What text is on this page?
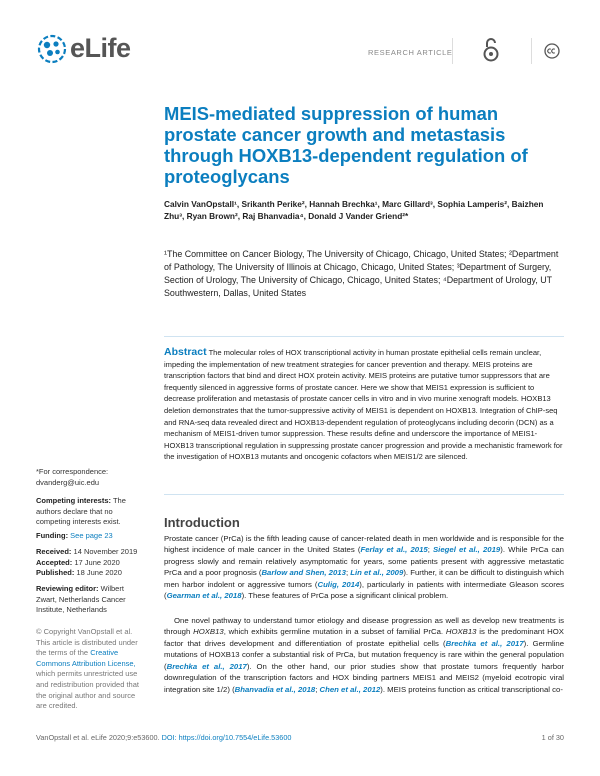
eLife	RESEARCH ARTICLE
MEIS-mediated suppression of human prostate cancer growth and metastasis through HOXB13-dependent regulation of proteoglycans
Calvin VanOpstall¹, Srikanth Perike², Hannah Brechka¹, Marc Gillard³, Sophia Lamperis², Baizhen Zhu³, Ryan Brown², Raj Bhanvadia⁴, Donald J Vander Griend²*
¹The Committee on Cancer Biology, The University of Chicago, Chicago, United States; ²Department of Pathology, The University of Illinois at Chicago, Chicago, United States; ³Department of Surgery, Section of Urology, The University of Chicago, Chicago, United States; ⁴Department of Urology, UT Southwestern, Dallas, United States
Abstract The molecular roles of HOX transcriptional activity in human prostate epithelial cells remain unclear, impeding the implementation of new treatment strategies for cancer prevention and therapy. MEIS proteins are transcription factors that bind and direct HOX protein activity. MEIS proteins are putative tumor suppressors that are frequently silenced in aggressive forms of prostate cancer. Here we show that MEIS1 expression is sufficient to decrease proliferation and metastasis of prostate cancer cells in vitro and in vivo murine xenograft models. HOXB13 deletion demonstrates that the tumor-suppressive activity of MEIS1 is dependent on HOXB13. Integration of ChIP-seq and RNA-seq data revealed direct and HOXB13-dependent regulation of proteoglycans including decorin (DCN) as a mechanism of MEIS1-driven tumor suppression. These results define and underscore the importance of MEIS1-HOXB13 transcriptional regulation in suppressing prostate cancer progression and provide a mechanistic framework for the investigation of HOXB13 mutants and oncogenic cofactors when MEIS1/2 are silenced.
*For correspondence:
dvanderg@uic.edu
Competing interests: The authors declare that no competing interests exist.
Funding: See page 23
Received: 14 November 2019
Accepted: 17 June 2020
Published: 18 June 2020
Reviewing editor: Wilbert Zwart, Netherlands Cancer Institute, Netherlands
© Copyright VanOpstall et al. This article is distributed under the terms of the Creative Commons Attribution License, which permits unrestricted use and redistribution provided that the original author and source are credited.
Introduction

Prostate cancer (PrCa) is the fifth leading cause of cancer-related death in men worldwide and is responsible for the highest incidence of male cancer in the United States (Ferlay et al., 2015; Siegel et al., 2019). While PrCa can progress slowly and remain relatively asymptomatic for years, some patients present with aggressive metastatic PrCa and a poor prognosis (Barlow and Shen, 2013; Lin et al., 2009). Further, it can be difficult to distinguish which men harbor indolent or aggressive tumors (Culig, 2014), particularly in patients with intermediate Gleason scores (Gearman et al., 2018). These features of PrCa pose a significant clinical problem.

One novel pathway to understand tumor etiology and disease progression as well as develop new treatments is through HOXB13, which exhibits germline mutation in a subset of familial PrCa. HOXB13 is the predominant HOX factor that drives development and differentiation of prostate epithelial cells (Brechka et al., 2017). Germline mutations of HOXB13 confer a substantial risk of PrCa, but mutation frequency is rare within the general population (Brechka et al., 2017). On the other hand, our prior studies show that prostate tumors frequently harbor downregulation of the transcription factors and HOX binding partners MEIS1 and MEIS2 (myeloid ecotropic viral integration site 1/2) (Bhanvadia et al., 2018; Chen et al., 2012). MEIS proteins function as critical transcriptional co-

VanOpstall et al. eLife 2020;9:e53600. DOI: https://doi.org/10.7554/eLife.53600	1 of 30
